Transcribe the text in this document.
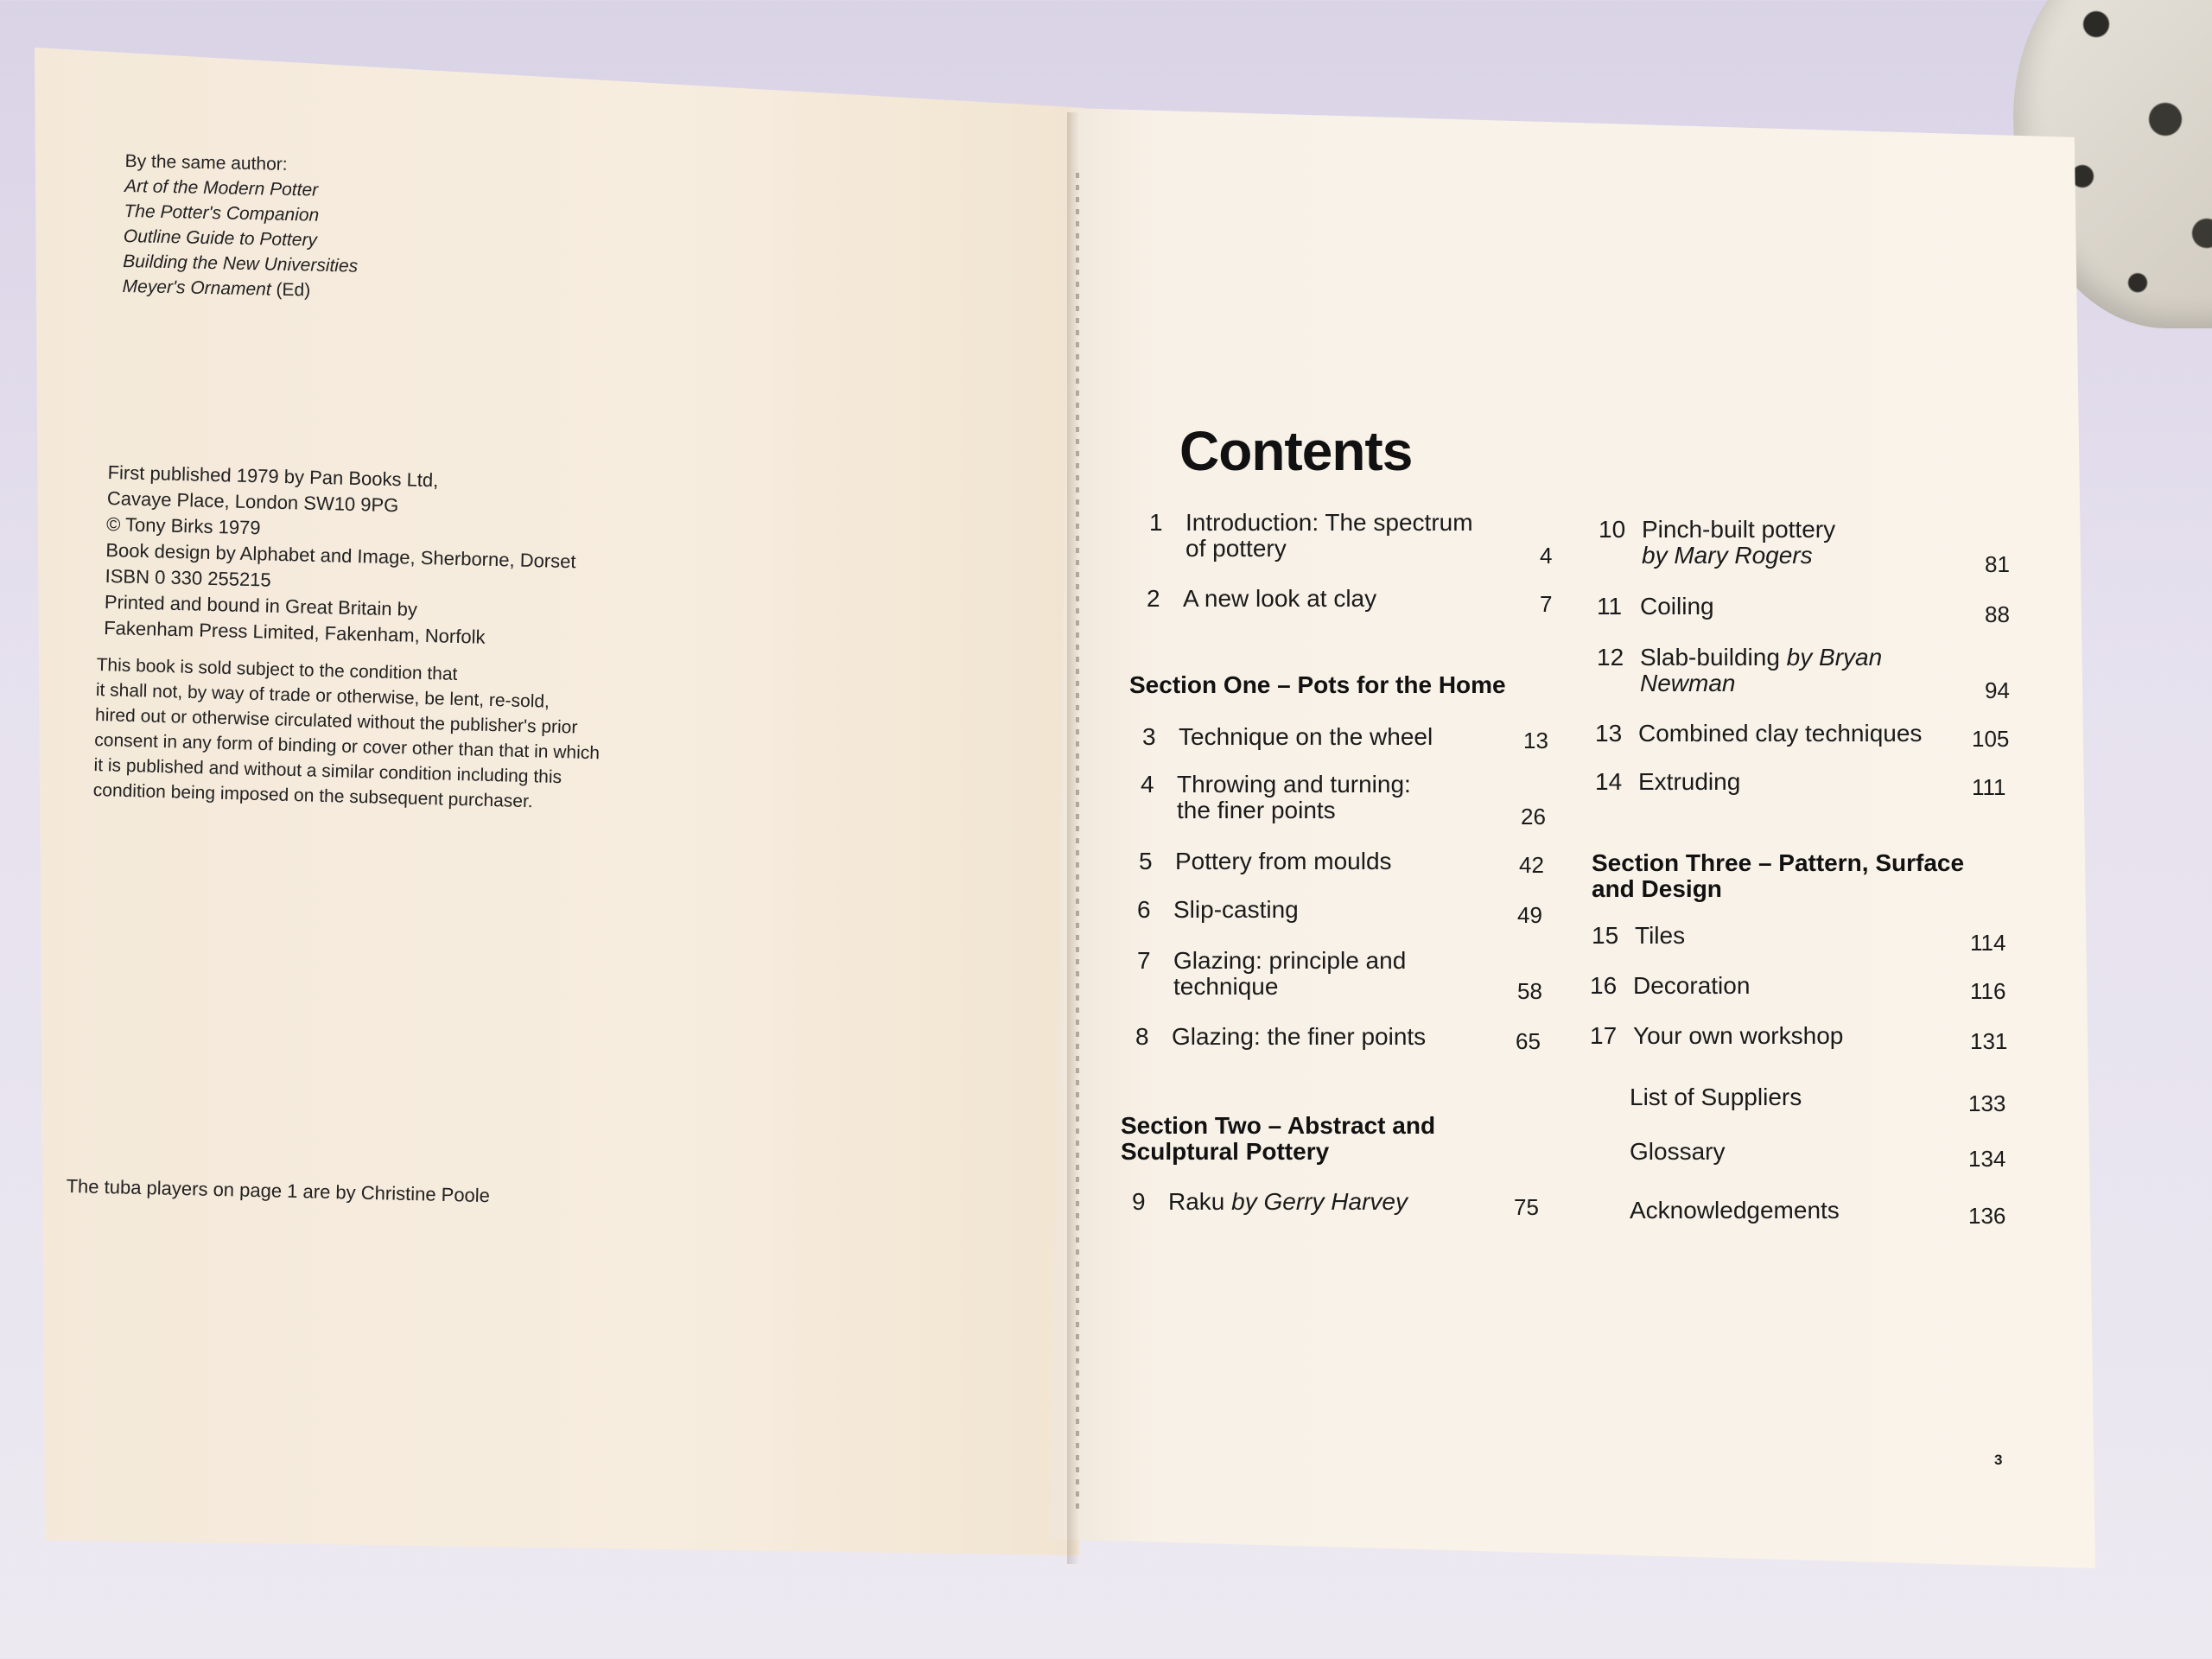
By the same author:
Art of the Modern Potter
The Potter's Companion
Outline Guide to Pottery
Building the New Universities
Meyer's Ornament (Ed)
First published 1979 by Pan Books Ltd,
Cavaye Place, London SW10 9PG
© Tony Birks 1979
Book design by Alphabet and Image, Sherborne, Dorset
ISBN 0 330 255215
Printed and bound in Great Britain by
Fakenham Press Limited, Fakenham, Norfolk
This book is sold subject to the condition that
it shall not, by way of trade or otherwise, be lent, re-sold,
hired out or otherwise circulated without the publisher's prior
consent in any form of binding or cover other than that in which
it is published and without a similar condition including this
condition being imposed on the subsequent purchaser.
The tuba players on page 1 are by Christine Poole
Contents
1 Introduction: The spectrum
of pottery	4
2 A new look at clay	7
Section One – Pots for the Home
3 Technique on the wheel	13
4 Throwing and turning:
the finer points	26
5 Pottery from moulds	42
6 Slip-casting	49
7 Glazing: principle and
technique	58
8 Glazing: the finer points	65
Section Two – Abstract and
Sculptural Pottery
9 Raku by Gerry Harvey	75
10 Pinch-built pottery
by Mary Rogers	81
11 Coiling	88
12 Slab-building by Bryan
Newman	94
13 Combined clay techniques 105
14 Extruding	111
Section Three – Pattern, Surface
and Design
15 Tiles	114
16 Decoration	116
17 Your own workshop	131
List of Suppliers	133
Glossary	134
Acknowledgements	136
3
